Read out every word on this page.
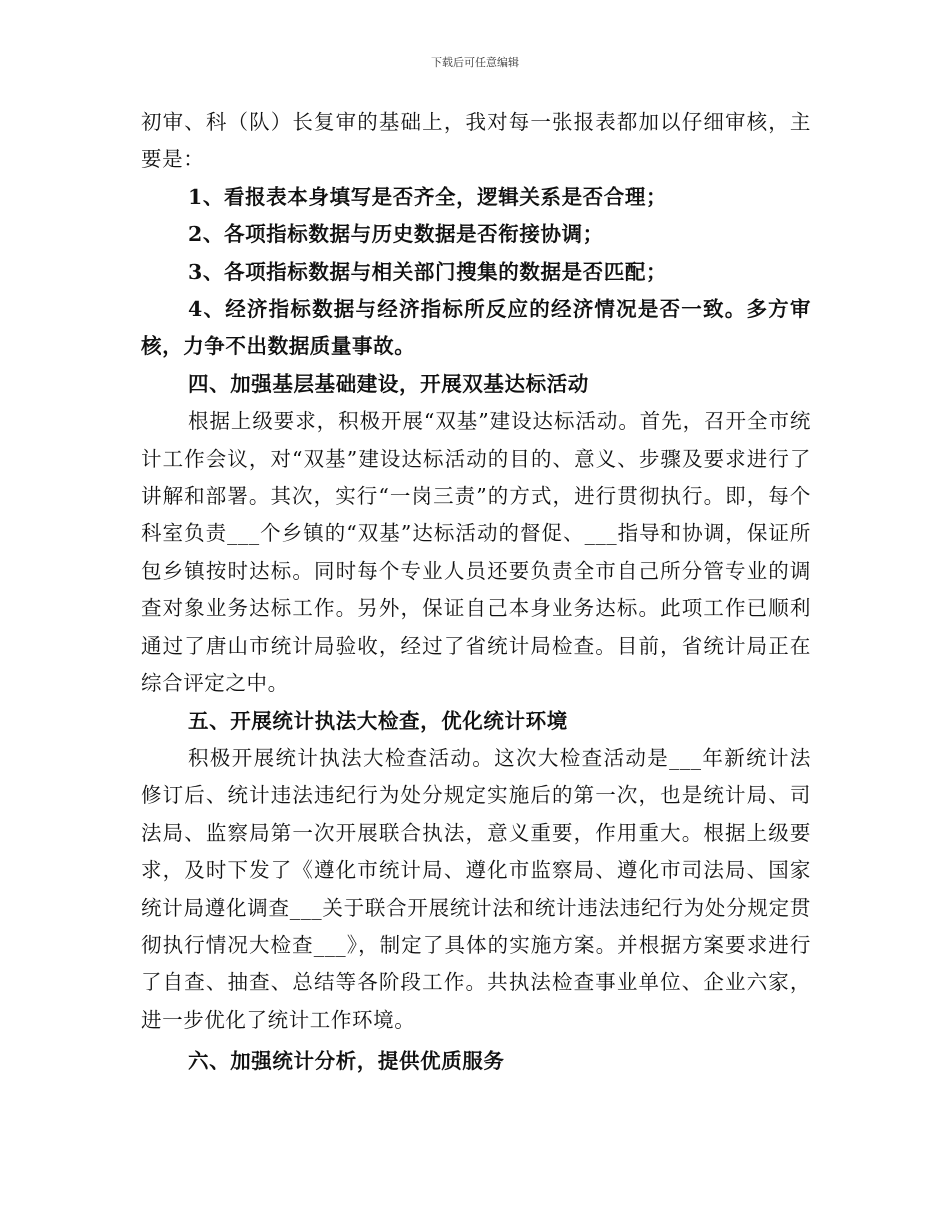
下载后可任意编辑

初审、科（队）长复审的基础上，我对每一张报表都加以仔细审核，主要是：

1、看报表本身填写是否齐全，逻辑关系是否合理；

2、各项指标数据与历史数据是否衔接协调；

3、各项指标数据与相关部门搜集的数据是否匹配；

4、经济指标数据与经济指标所反应的经济情况是否一致。多方审核，力争不出数据质量事故。

四、加强基层基础建设，开展双基达标活动

根据上级要求，积极开展“双基”建设达标活动。首先，召开全市统计工作会议，对“双基”建设达标活动的目的、意义、步骤及要求进行了讲解和部署。其次，实行“一岗三责”的方式，进行贯彻执行。即，每个科室负责___个乡镇的“双基”达标活动的督促、___指导和协调，保证所包乡镇按时达标。同时每个专业人员还要负责全市自己所分管专业的调查对象业务达标工作。另外，保证自己本身业务达标。此项工作已顺利通过了唐山市统计局验收，经过了省统计局检查。目前，省统计局正在综合评定之中。

五、开展统计执法大检查，优化统计环境

积极开展统计执法大检查活动。这次大检查活动是___年新统计法修订后、统计违法违纪行为处分规定实施后的第一次，也是统计局、司法局、监察局第一次开展联合执法，意义重要，作用重大。根据上级要求，及时下发了《遵化市统计局、遵化市监察局、遵化市司法局、国家统计局遵化调查___关于联合开展统计法和统计违法违纪行为处分规定贯彻执行情况大检查___》，制定了具体的实施方案。并根据方案要求进行了自查、抽查、总结等各阶段工作。共执法检查事业单位、企业六家，进一步优化了统计工作环境。

六、加强统计分析，提供优质服务
